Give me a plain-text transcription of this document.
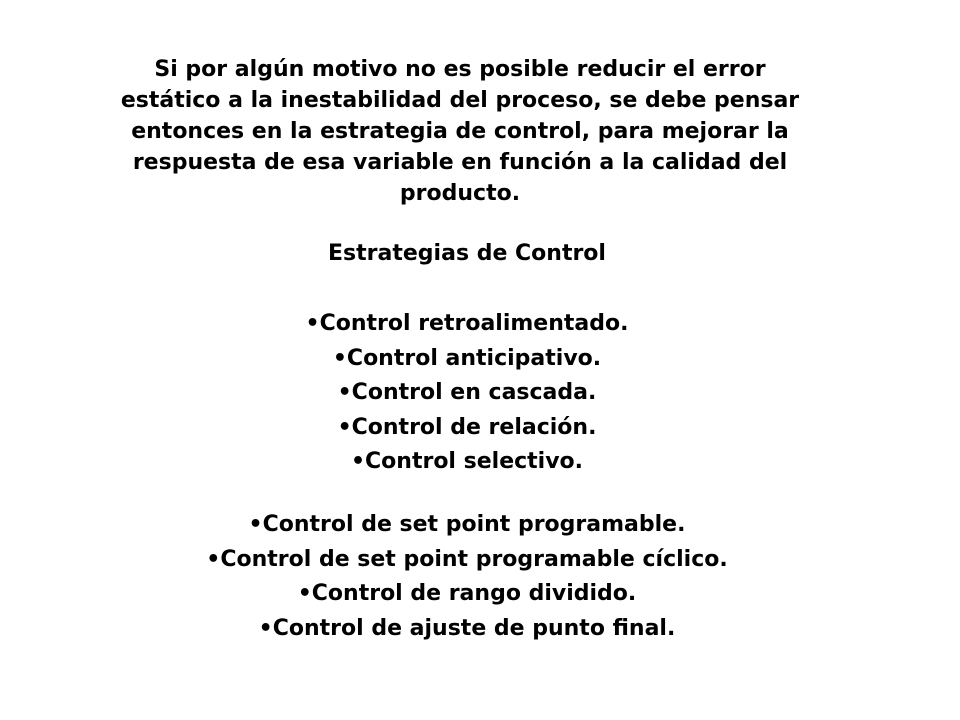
Si por algún motivo no es posible reducir el error
estático a la inestabilidad del proceso, se debe pensar
entonces en la estrategia de control, para mejorar la
respuesta de esa variable en función a la calidad del
producto.

Estrategias de Control
•Control retroalimentado.
•Control anticipativo.
•Control en cascada.
•Control de relación.
•Control selectivo.
•Control de set point programable.
•Control de set point programable cíclico.
•Control de rango dividido.
•Control de ajuste de punto final.
